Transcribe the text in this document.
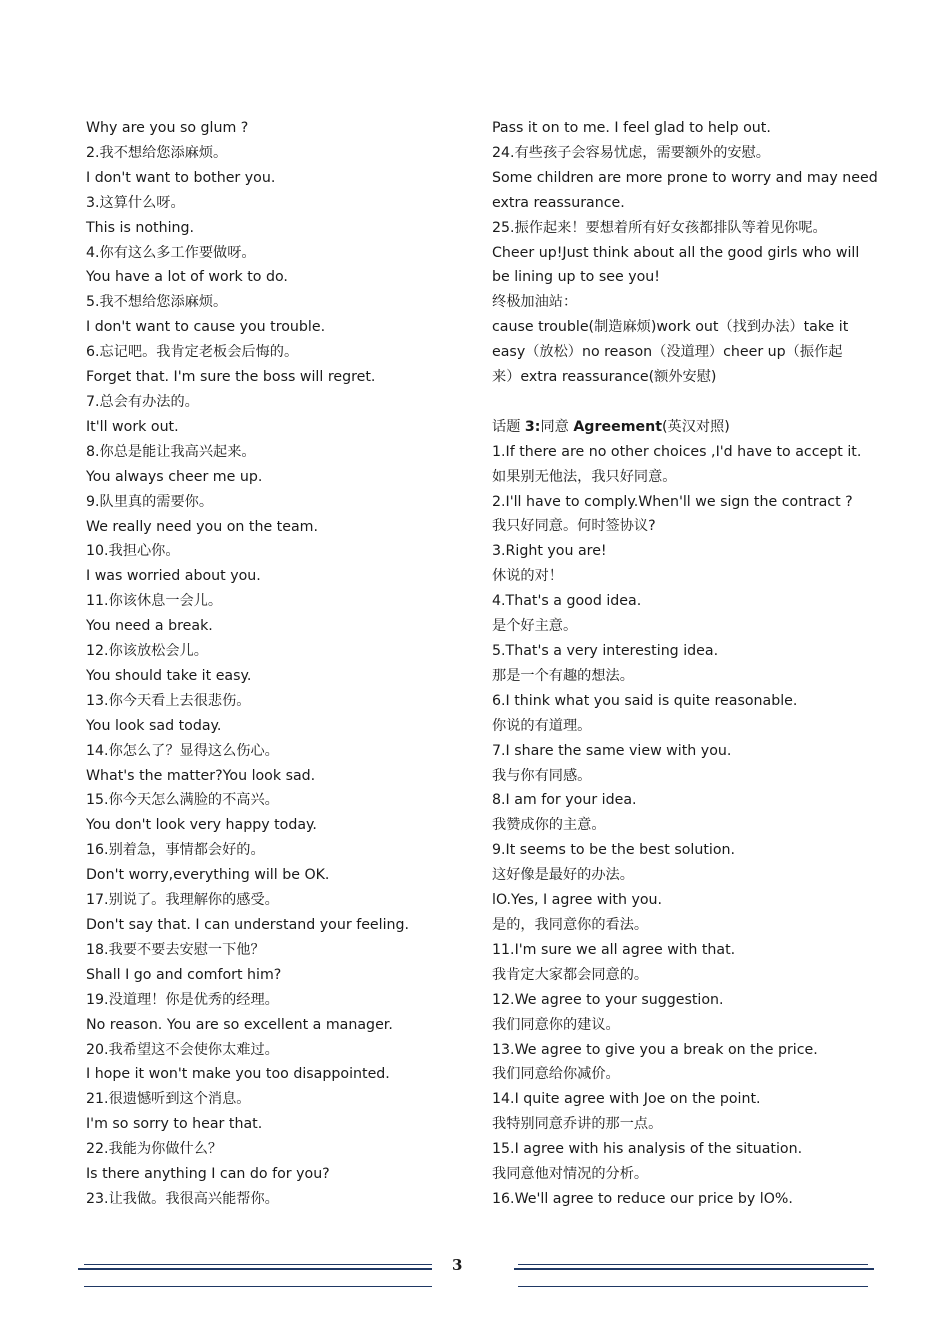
Why are you so glum ?
2.我不想给您添麻烦。
I don't want to bother you.
3.这算什么呀。
This is nothing.
4.你有这么多工作要做呀。
You have a lot of work to do.
5.我不想给您添麻烦。
I don't want to cause you trouble.
6.忘记吧。我肯定老板会后悔的。
Forget that. I'm sure the boss will regret.
7.总会有办法的。
It'll work out.
8.你总是能让我高兴起来。
You always cheer me up.
9.队里真的需要你。
We really need you on the team.
10.我担心你。
I was worried about you.
11.你该休息一会儿。
You need a break.
12.你该放松会儿。
You should take it easy.
13.你今天看上去很悲伤。
You look sad today.
14.你怎么了？显得这么伤心。
What's the matter?You look sad.
15.你今天怎么满脸的不高兴。
You don't look very happy today.
16.别着急，事情都会好的。
Don't worry,everything will be OK.
17.别说了。我理解你的感受。
Don't say that. I can understand your feeling.
18.我要不要去安慰一下他？
Shall I go and comfort him?
19.没道理！你是优秀的经理。
No reason. You are so excellent a manager.
20.我希望这不会使你太难过。
I hope it won't make you too disappointed.
21.很遗憾听到这个消息。
I'm so sorry to hear that.
22.我能为你做什么？
Is there anything I can do for you?
23.让我做。我很高兴能帮你。
Pass it on to me. I feel glad to help out.
24.有些孩子会容易忧虑，需要额外的安慰。
Some children are more prone to worry and may need
extra reassurance.
25.振作起来！要想着所有好女孩都排队等着见你呢。
Cheer up!Just think about all the good girls who will
be lining up to see you!
终极加油站：
cause trouble(制造麻烦)work out（找到办法）take it
easy（放松）no reason（没道理）cheer up（振作起
来）extra reassurance(额外安慰)
话题 3:同意 Agreement(英汉对照)
1.If there are no other choices ,I'd have to accept it.
如果别无他法，我只好同意。
2.I'll have to comply.When'll we sign the contract ?
我只好同意。何时签协议?
3.Right you are!
休说的对！
4.That's a good idea.
是个好主意。
5.That's a very interesting idea.
那是一个有趣的想法。
6.I think what you said is quite reasonable.
你说的有道理。
7.I share the same view with you.
我与你有同感。
8.I am for your idea.
我赞成你的主意。
9.It seems to be the best solution.
这好像是最好的办法。
lO.Yes, I agree with you.
是的，我同意你的看法。
11.I'm sure we all agree with that.
我肯定大家都会同意的。
12.We agree to your suggestion.
我们同意你的建议。
13.We agree to give you a break on the price.
我们同意给你减价。
14.I quite agree with Joe on the point.
我特别同意乔讲的那一点。
15.I agree with his analysis of the situation.
我同意他对情况的分析。
16.We'll agree to reduce our price by lO%.
3
